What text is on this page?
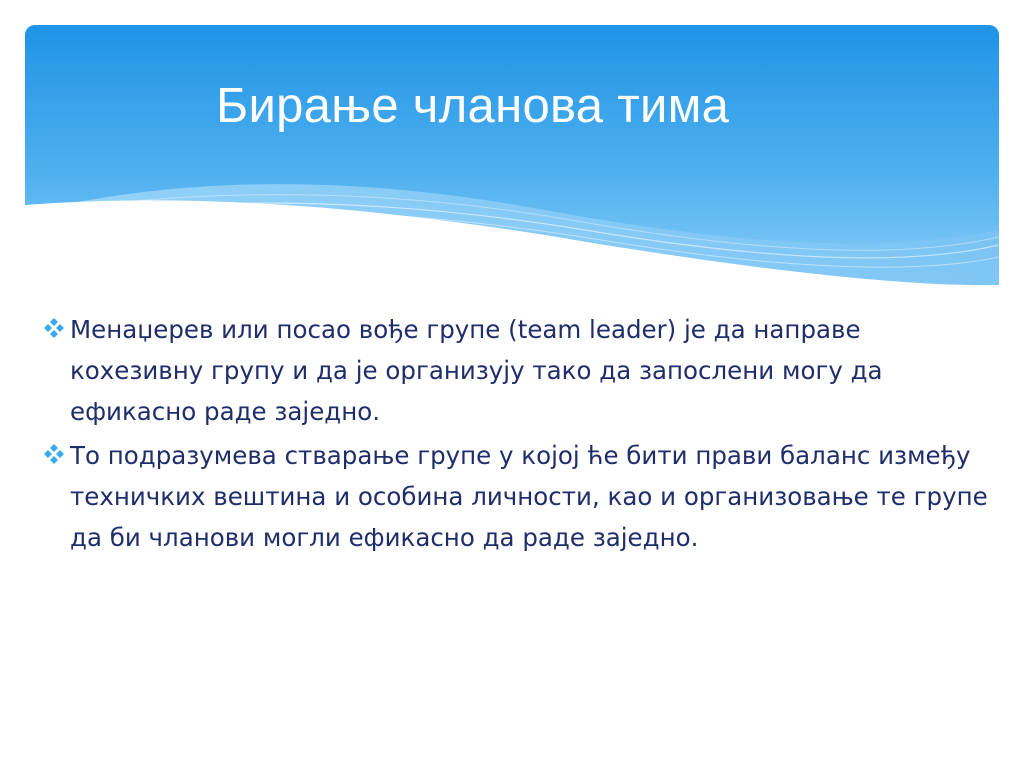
Бирање чланова тима
Менаџерев или посао вође групе (team leader) је да направе кохезивну групу и да је организују тако да запослени могу да ефикасно раде заједно.
То подразумева стварање групе у којој ће бити прави баланс између техничких вештина и особина личности, као и организовање те групе да би чланови могли ефикасно да раде заједно.
